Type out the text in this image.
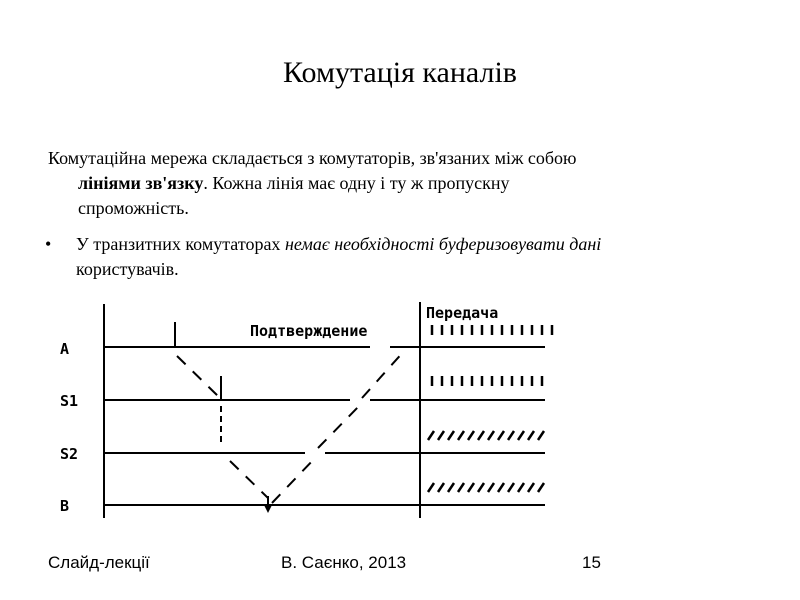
Комутація каналів
Комутаційна мережа складається з комутаторів, зв'язаних між собою
лініями зв'язку. Кожна лінія має одну і ту ж пропускну
спроможність.
• У транзитних комутаторах немає необхідності буферизовувати дані
користувачів.
Подтверждение
Передача
A
S1
S2
B
Слайд-лекції	В. Саєнко, 2013	15
